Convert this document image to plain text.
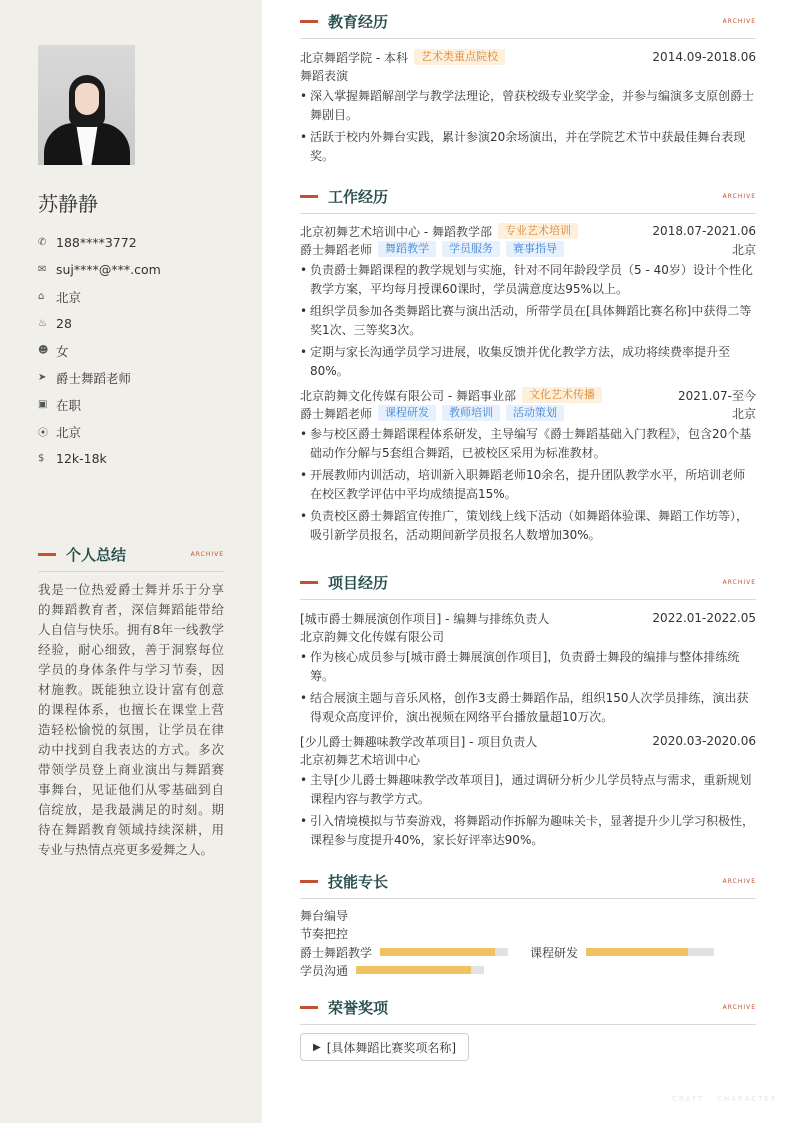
苏静静
✆ 188****3772
✉ suj****@***.com
⌂ 北京
♨ 28
☻ 女
➤ 爵士舞蹈老师
▣ 在职
⦿ 北京
$ 12k-18k
个人总结	ARCHIVE
我是一位热爱爵士舞并乐于分享的舞蹈教育者，深信舞蹈能带给人自信与快乐。拥有8年一线教学经验，耐心细致，善于洞察每位学员的身体条件与学习节奏，因材施教。既能独立设计富有创意的课程体系，也擅长在课堂上营造轻松愉悦的氛围，让学员在律动中找到自我表达的方式。多次带领学员登上商业演出与舞蹈赛事舞台，见证他们从零基础到自信绽放，是我最满足的时刻。期待在舞蹈教育领域持续深耕，用专业与热情点亮更多爱舞之人。
教育经历	ARCHIVE
北京舞蹈学院 - 本科	艺术类重点院校	2014.09-2018.06
舞蹈表演
• 深入掌握舞蹈解剖学与教学法理论，曾获校级专业奖学金，并参与编演多支原创爵士舞剧目。
• 活跃于校内外舞台实践，累计参演20余场演出，并在学院艺术节中获最佳舞台表现奖。
工作经历	ARCHIVE
北京初舞艺术培训中心 - 舞蹈教学部	专业艺术培训	2018.07-2021.06
爵士舞蹈老师	舞蹈教学	学员服务	赛事指导	北京
• 负责爵士舞蹈课程的教学规划与实施，针对不同年龄段学员（5 - 40岁）设计个性化教学方案，平均每月授课60课时，学员满意度达95%以上。
• 组织学员参加各类舞蹈比赛与演出活动，所带学员在[具体舞蹈比赛名称]中获得二等奖1次、三等奖3次。
• 定期与家长沟通学员学习进展，收集反馈并优化教学方法，成功将续费率提升至80%。
北京韵舞文化传媒有限公司 - 舞蹈事业部	文化艺术传播	2021.07-至今
爵士舞蹈老师	课程研发	教师培训	活动策划	北京
• 参与校区爵士舞蹈课程体系研发，主导编写《爵士舞蹈基础入门教程》，包含20个基础动作分解与5套组合舞蹈，已被校区采用为标准教材。
• 开展教师内训活动，培训新入职舞蹈老师10余名，提升团队教学水平，所培训老师在校区教学评估中平均成绩提高15%。
• 负责校区爵士舞蹈宣传推广，策划线上线下活动（如舞蹈体验课、舞蹈工作坊等），吸引新学员报名，活动期间新学员报名人数增加30%。
项目经历	ARCHIVE
[城市爵士舞展演创作项目] - 编舞与排练负责人	2022.01-2022.05
北京韵舞文化传媒有限公司
• 作为核心成员参与[城市爵士舞展演创作项目]，负责爵士舞段的编排与整体排练统筹。
• 结合展演主题与音乐风格，创作3支爵士舞蹈作品，组织150人次学员排练，演出获得观众高度评价，演出视频在网络平台播放量超10万次。
[少儿爵士舞趣味教学改革项目] - 项目负责人	2020.03-2020.06
北京初舞艺术培训中心
• 主导[少儿爵士舞趣味教学改革项目]，通过调研分析少儿学员特点与需求，重新规划课程内容与教学方式。
• 引入情境模拟与节奏游戏，将舞蹈动作拆解为趣味关卡，显著提升少儿学习积极性，课程参与度提升40%，家长好评率达90%。
技能专长	ARCHIVE
舞台编导
节奏把控
爵士舞蹈教学	课程研发
学员沟通
荣誉奖项	ARCHIVE
▶ [具体舞蹈比赛奖项名称]
CRAFT · CHARACTER
